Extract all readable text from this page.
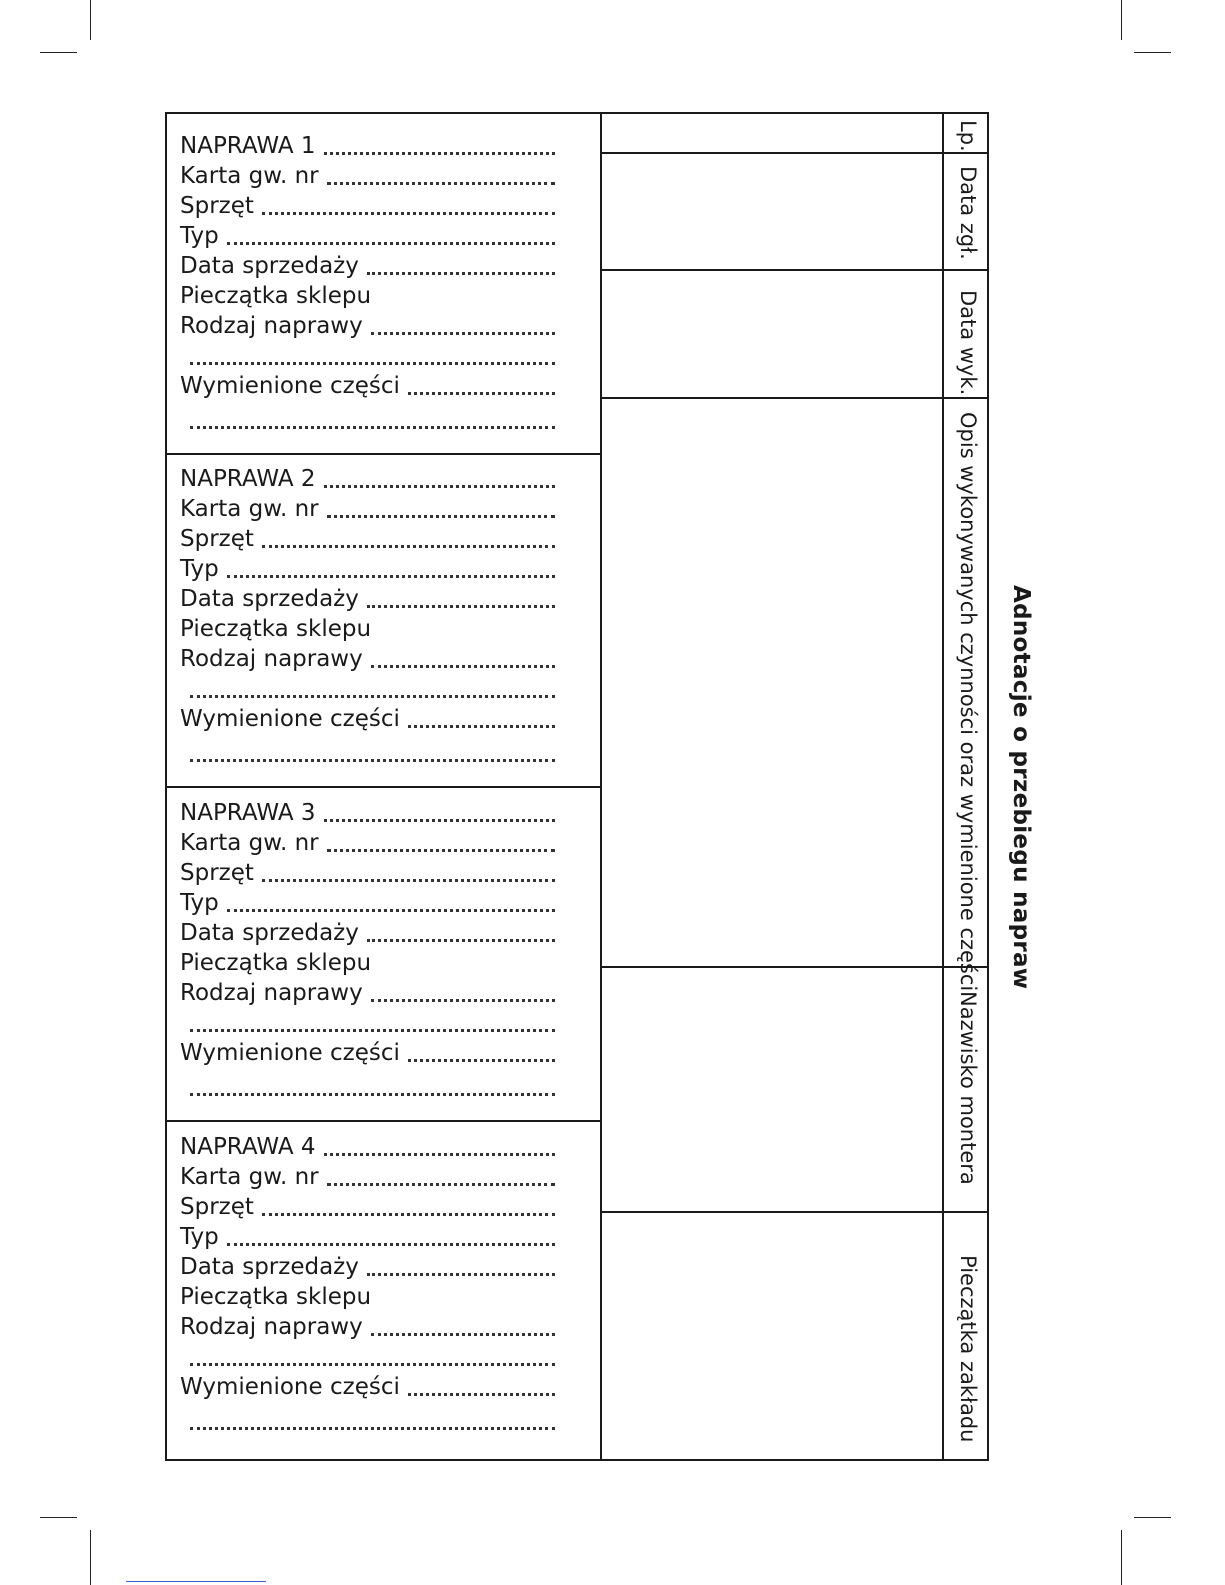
Adnotacje o przebiegu napraw
Lp.
Data zgł.
Data wyk.
Opis wykonywanych czynności oraz wymienione części
Nazwisko montera
Pieczątka zakładu
NAPRAWA 1
Karta gw. nr
Sprzęt
Typ
Data sprzedaży
Pieczątka sklepu
Rodzaj naprawy
Wymienione części
NAPRAWA 2
Karta gw. nr
Sprzęt
Typ
Data sprzedaży
Pieczątka sklepu
Rodzaj naprawy
Wymienione części
NAPRAWA 3
Karta gw. nr
Sprzęt
Typ
Data sprzedaży
Pieczątka sklepu
Rodzaj naprawy
Wymienione części
NAPRAWA 4
Karta gw. nr
Sprzęt
Typ
Data sprzedaży
Pieczątka sklepu
Rodzaj naprawy
Wymienione części
